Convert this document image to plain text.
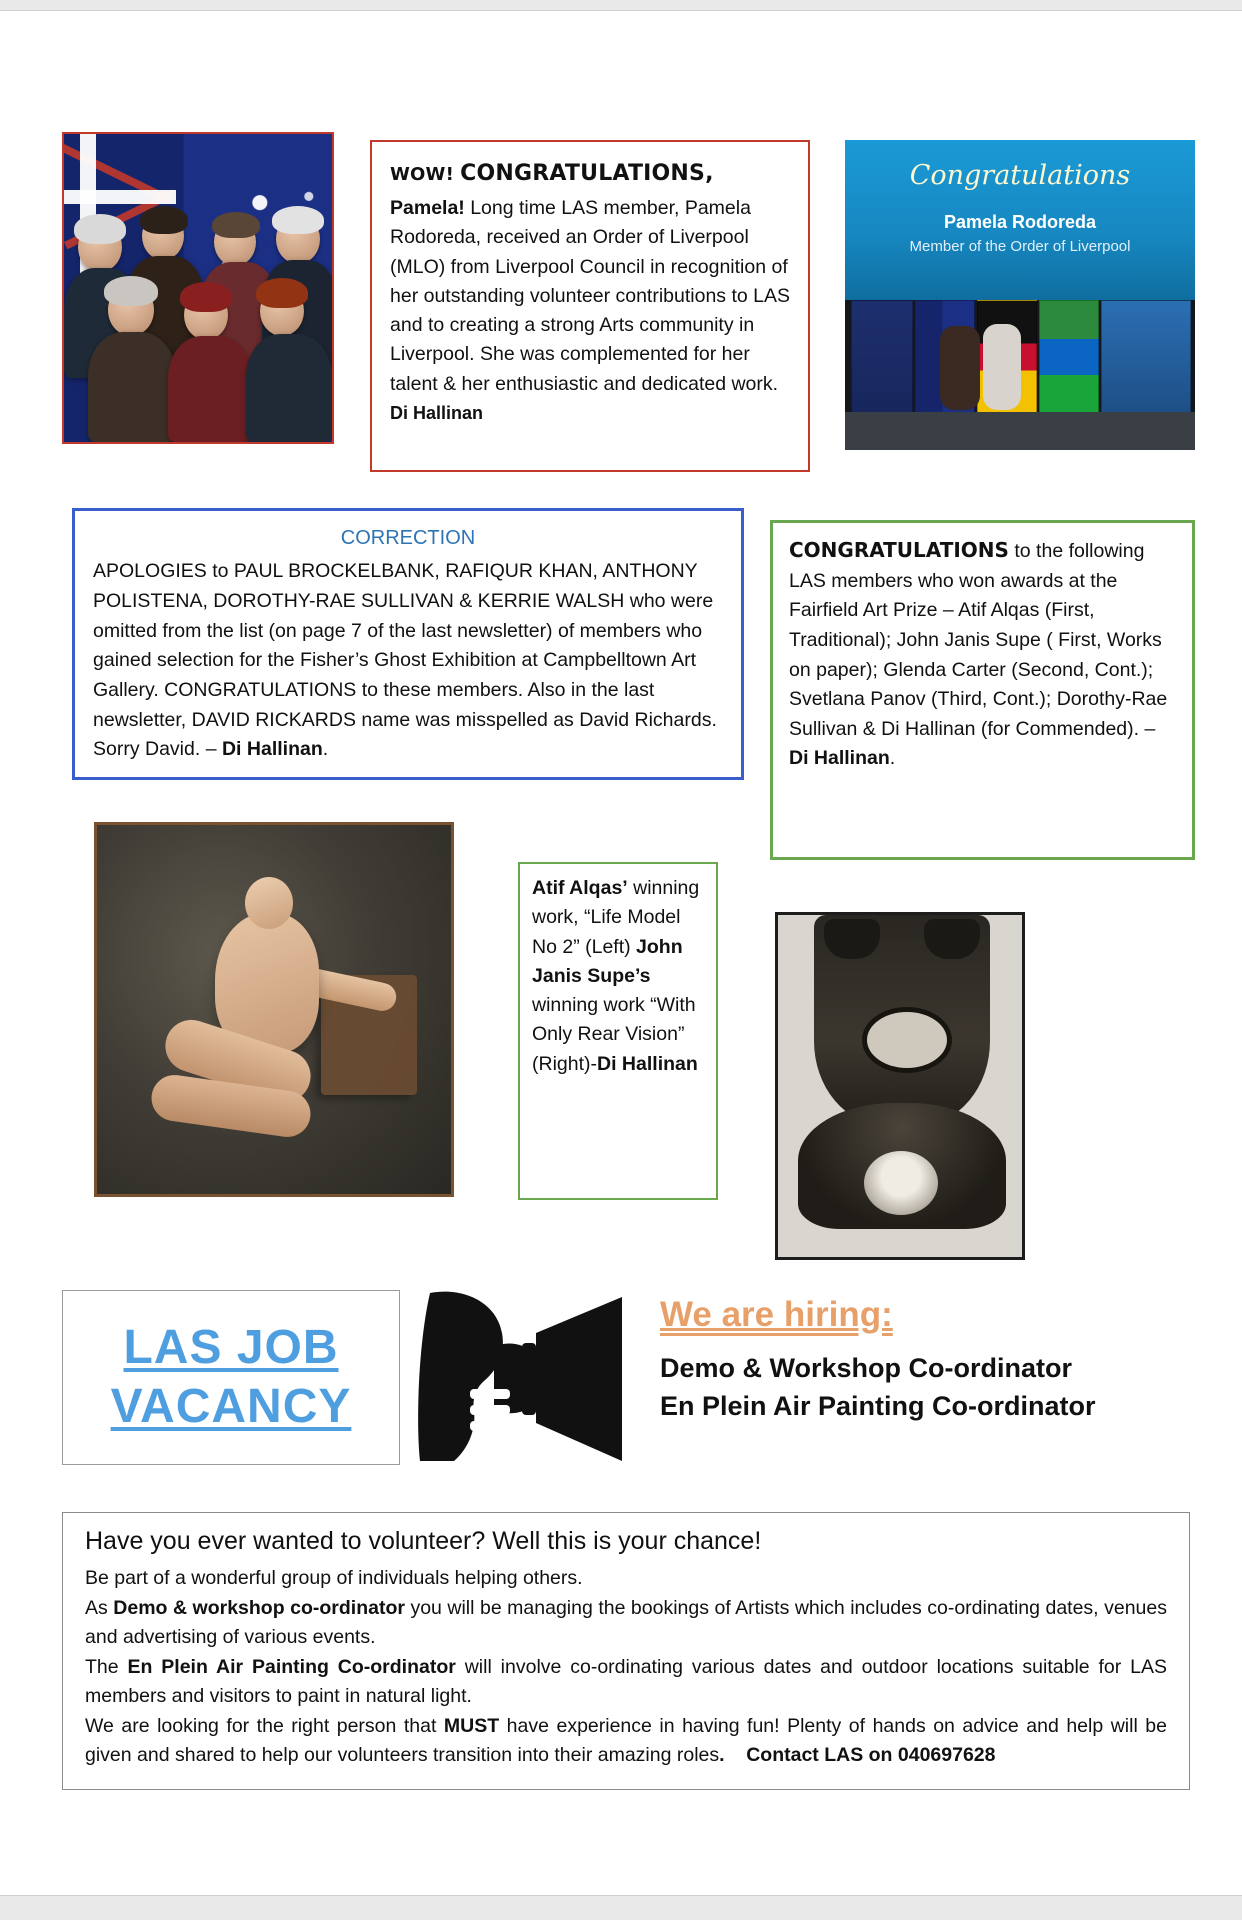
WOW! CONGRATULATIONS,
Pamela! Long time LAS member, Pamela Rodoreda, received an Order of Liverpool (MLO) from Liverpool Council in recognition of her outstanding volunteer contributions to LAS and to creating a strong Arts community in Liverpool. She was complemented for her talent & her enthusiastic and dedicated work. Di Hallinan
Congratulations
Pamela Rodoreda
Member of the Order of Liverpool
CORRECTION
APOLOGIES to PAUL BROCKELBANK, RAFIQUR KHAN, ANTHONY POLISTENA, DOROTHY-RAE SULLIVAN & KERRIE WALSH who were omitted from the list (on page 7 of the last newsletter) of members who gained selection for the Fisher’s Ghost Exhibition at Campbelltown Art Gallery. CONGRATULATIONS to these members. Also in the last newsletter, DAVID RICKARDS name was misspelled as David Richards. Sorry David. – Di Hallinan.
CONGRATULATIONS to the following LAS members who won awards at the Fairfield Art Prize – Atif Alqas (First, Traditional); John Janis Supe ( First, Works on paper); Glenda Carter (Second, Cont.); Svetlana Panov (Third, Cont.); Dorothy-Rae Sullivan & Di Hallinan (for Commended). – Di Hallinan.
Atif Alqas’ winning work, “Life Model No 2” (Left) John Janis Supe’s winning work “With Only Rear Vision” (Right)-Di Hallinan
LAS JOB
VACANCY
We are hiring:
Demo & Workshop Co-ordinator
En Plein Air Painting Co-ordinator
Have you ever wanted to volunteer? Well this is your chance!

Be part of a wonderful group of individuals helping others.

As Demo & workshop co-ordinator you will be managing the bookings of Artists which includes co-ordinating dates, venues and advertising of various events.

The En Plein Air Painting Co-ordinator will involve co-ordinating various dates and outdoor locations suitable for LAS members and visitors to paint in natural light.

We are looking for the right person that MUST have experience in having fun! Plenty of hands on advice and help will be given and shared to help our volunteers transition into their amazing roles. Contact LAS on 040697628
